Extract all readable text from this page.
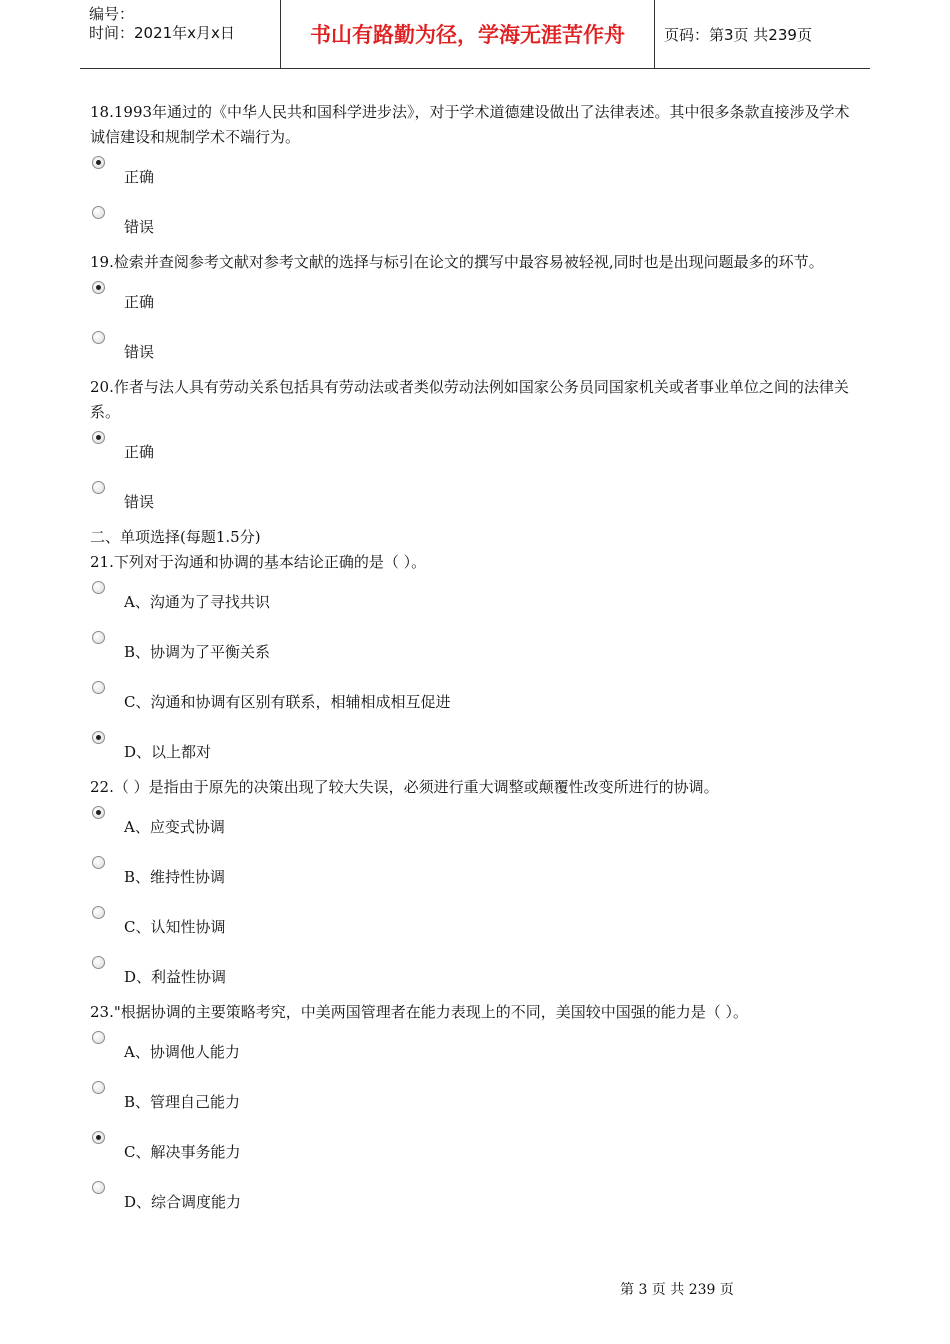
编号：
时间：2021年x月x日	书山有路勤为径，学海无涯苦作舟	页码：第3页 共239页

18.1993年通过的《中华人民共和国科学进步法》，对于学术道德建设做出了法律表述。其中很多条款直接涉及学术诚信建设和规制学术不端行为。

正确
错误

19.检索并查阅参考文献对参考文献的选择与标引在论文的撰写中最容易被轻视,同时也是出现问题最多的环节。

正确
错误

20.作者与法人具有劳动关系包括具有劳动法或者类似劳动法例如国家公务员同国家机关或者事业单位之间的法律关系。

正确
错误

二、单项选择(每题1.5分)

21.下列对于沟通和协调的基本结论正确的是（ ）。

A、沟通为了寻找共识
B、协调为了平衡关系
C、沟通和协调有区别有联系，相辅相成相互促进
D、以上都对

22.（ ）是指由于原先的决策出现了较大失误，必须进行重大调整或颠覆性改变所进行的协调。

A、应变式协调
B、维持性协调
C、认知性协调
D、利益性协调

23."根据协调的主要策略考究，中美两国管理者在能力表现上的不同，美国较中国强的能力是（ ）。

A、协调他人能力
B、管理自己能力
C、解决事务能力
D、综合调度能力
第 3 页 共 239 页
